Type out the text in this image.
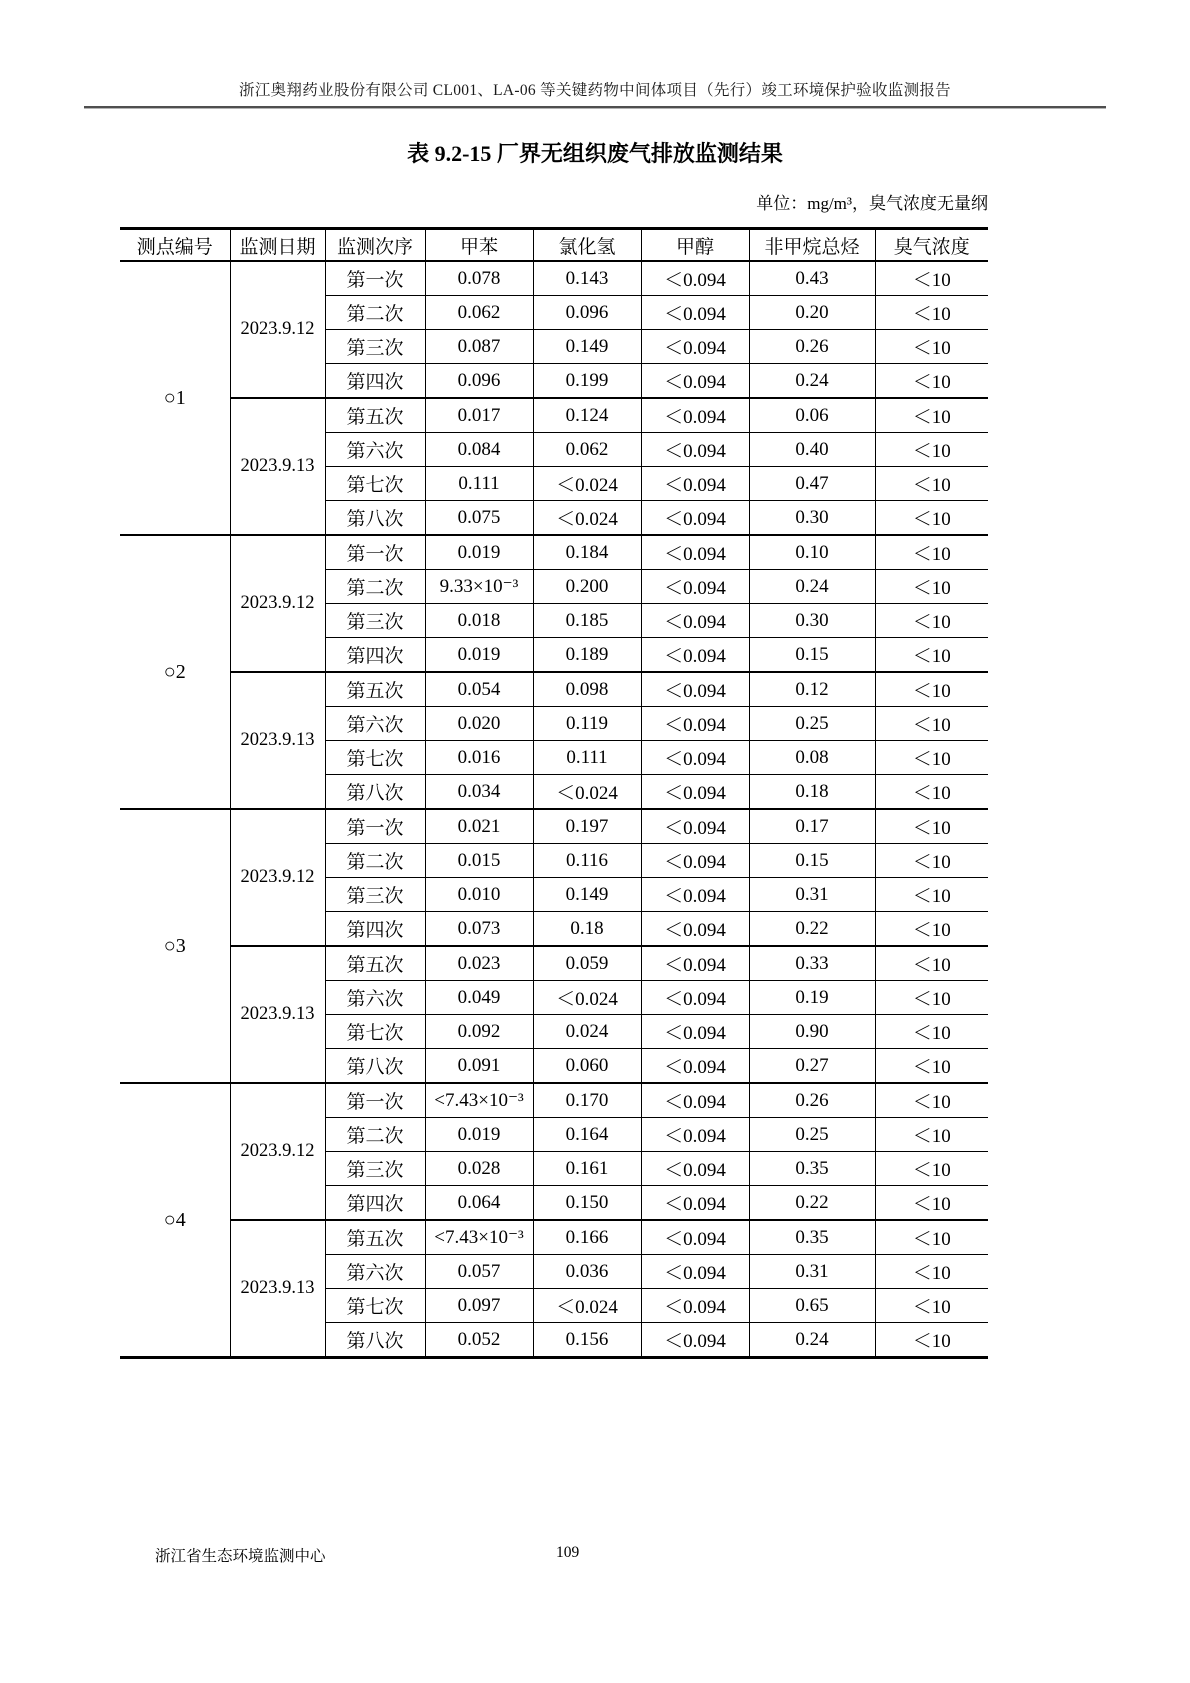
浙江奥翔药业股份有限公司 CL001、LA-06 等关键药物中间体项目（先行）竣工环境保护验收监测报告
表 9.2-15 厂界无组织废气排放监测结果
单位：mg/m³，臭气浓度无量纲
测点编号	监测日期	监测次序	甲苯	氯化氢	甲醇	非甲烷总烃	臭气浓度
○1	2023.9.12	第一次	0.078	0.143	＜0.094	0.43	＜10
		第二次	0.062	0.096	＜0.094	0.20	＜10
		第三次	0.087	0.149	＜0.094	0.26	＜10
		第四次	0.096	0.199	＜0.094	0.24	＜10
	2023.9.13	第五次	0.017	0.124	＜0.094	0.06	＜10
		第六次	0.084	0.062	＜0.094	0.40	＜10
		第七次	0.111	＜0.024	＜0.094	0.47	＜10
		第八次	0.075	＜0.024	＜0.094	0.30	＜10
○2	2023.9.12	第一次	0.019	0.184	＜0.094	0.10	＜10
		第二次	9.33×10⁻³	0.200	＜0.094	0.24	＜10
		第三次	0.018	0.185	＜0.094	0.30	＜10
		第四次	0.019	0.189	＜0.094	0.15	＜10
	2023.9.13	第五次	0.054	0.098	＜0.094	0.12	＜10
		第六次	0.020	0.119	＜0.094	0.25	＜10
		第七次	0.016	0.111	＜0.094	0.08	＜10
		第八次	0.034	＜0.024	＜0.094	0.18	＜10
○3	2023.9.12	第一次	0.021	0.197	＜0.094	0.17	＜10
		第二次	0.015	0.116	＜0.094	0.15	＜10
		第三次	0.010	0.149	＜0.094	0.31	＜10
		第四次	0.073	0.18	＜0.094	0.22	＜10
	2023.9.13	第五次	0.023	0.059	＜0.094	0.33	＜10
		第六次	0.049	＜0.024	＜0.094	0.19	＜10
		第七次	0.092	0.024	＜0.094	0.90	＜10
		第八次	0.091	0.060	＜0.094	0.27	＜10
○4	2023.9.12	第一次	<7.43×10⁻³	0.170	＜0.094	0.26	＜10
		第二次	0.019	0.164	＜0.094	0.25	＜10
		第三次	0.028	0.161	＜0.094	0.35	＜10
		第四次	0.064	0.150	＜0.094	0.22	＜10
	2023.9.13	第五次	<7.43×10⁻³	0.166	＜0.094	0.35	＜10
		第六次	0.057	0.036	＜0.094	0.31	＜10
		第七次	0.097	＜0.024	＜0.094	0.65	＜10
		第八次	0.052	0.156	＜0.094	0.24	＜10
浙江省生态环境监测中心	109
